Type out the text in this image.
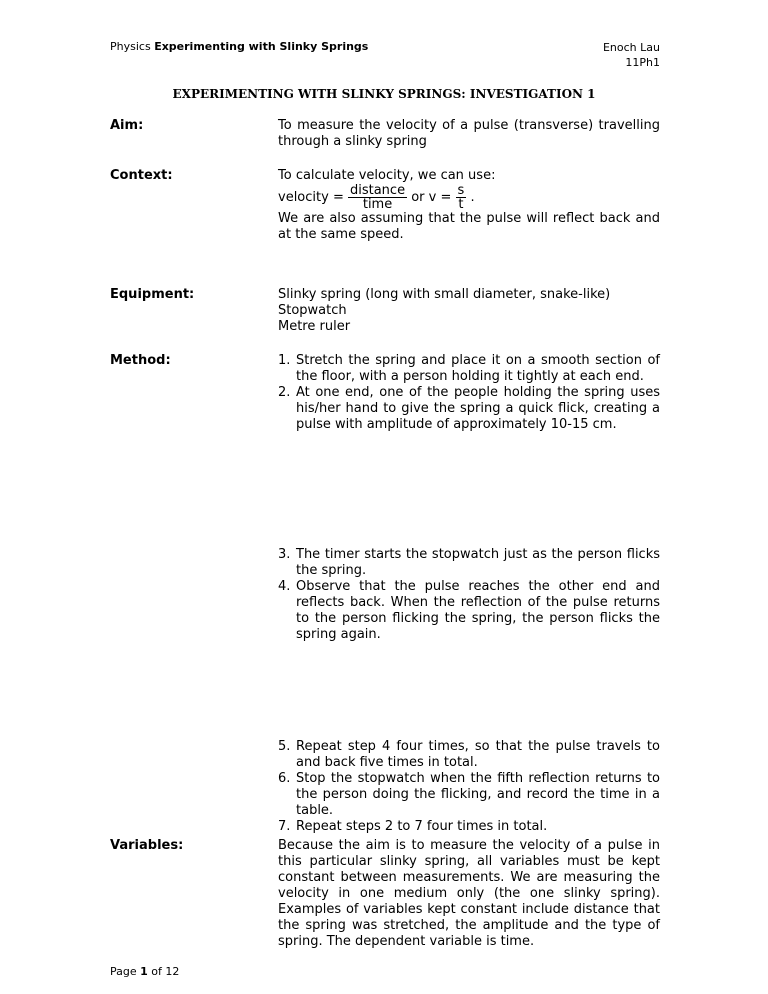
Physics Experimenting with Slinky Springs	Enoch Lau
11Ph1
EXPERIMENTING WITH SLINKY SPRINGS: INVESTIGATION 1
Aim:	To measure the velocity of a pulse (transverse) travelling through a slinky spring

Context:	To calculate velocity, we can use:

velocity = $\frac{\text{distance}}{\text{time}}$ or $v = \frac{s}{t}$ .

We are also assuming that the pulse will reflect back and at the same speed.

Equipment:	Slinky spring (long with small diameter, snake-like)

Stopwatch

Metre ruler

Method:	1. Stretch the spring and place it on a smooth section of the floor, with a person holding it tightly at each end.
2. At one end, one of the people holding the spring uses his/her hand to give the spring a quick flick, creating a pulse with amplitude of approximately 10-15 cm.
3. The timer starts the stopwatch just as the person flicks the spring.
4. Observe that the pulse reaches the other end and reflects back. When the reflection of the pulse returns to the person flicking the spring, the person flicks the spring again.
5. Repeat step 4 four times, so that the pulse travels to and back five times in total.
6. Stop the stopwatch when the fifth reflection returns to the person doing the flicking, and record the time in a table.
7. Repeat steps 2 to 7 four times in total.
Variables:	Because the aim is to measure the velocity of a pulse in this particular slinky spring, all variables must be kept constant between measurements. We are measuring the velocity in one medium only (the one slinky spring). Examples of variables kept constant include distance that the spring was stretched, the amplitude and the type of spring. The dependent variable is time.

Page 1 of 12
